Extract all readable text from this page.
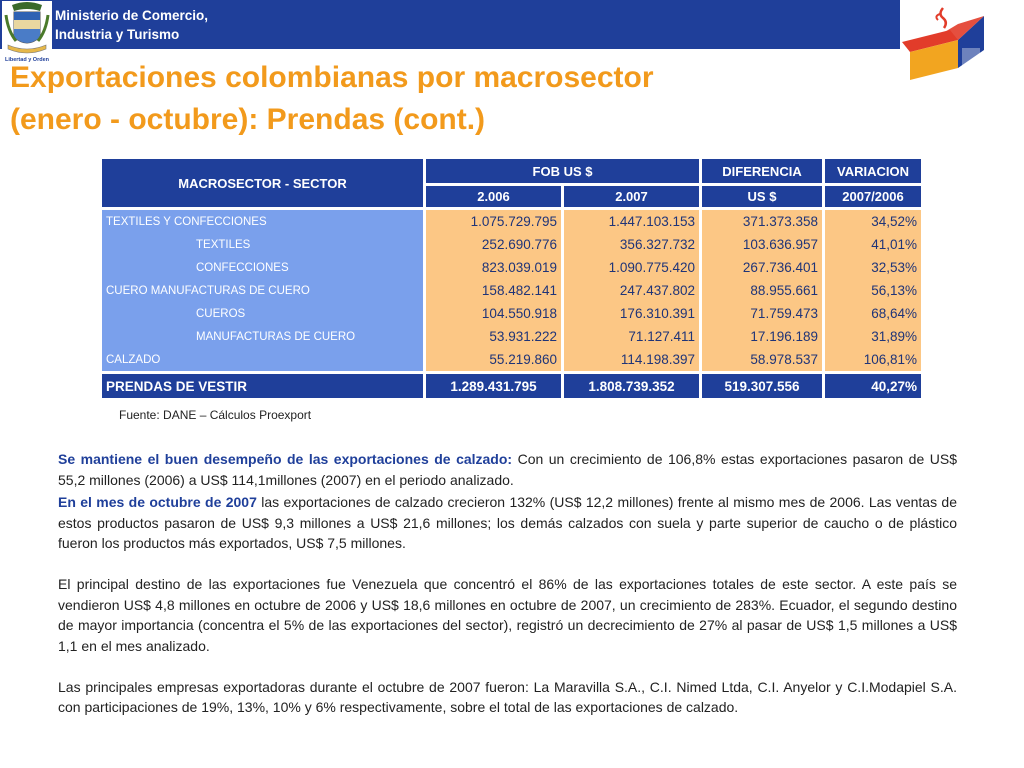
Libertad y Orden
Ministerio de Comercio,
Industria y Turismo
Exportaciones colombianas por macrosector
(enero - octubre): Prendas (cont.)
MACROSECTOR - SECTOR	FOB US $		DIFERENCIA	VARIACION
	2.006	2.007	US $	2007/2006
TEXTILES Y CONFECCIONES	1.075.729.795	1.447.103.153	371.373.358	34,52%
TEXTILES	252.690.776	356.327.732	103.636.957	41,01%
CONFECCIONES	823.039.019	1.090.775.420	267.736.401	32,53%
CUERO MANUFACTURAS DE CUERO	158.482.141	247.437.802	88.955.661	56,13%
CUEROS	104.550.918	176.310.391	71.759.473	68,64%
MANUFACTURAS DE CUERO	53.931.222	71.127.411	17.196.189	31,89%
CALZADO	55.219.860	114.198.397	58.978.537	106,81%
PRENDAS DE VESTIR	1.289.431.795	1.808.739.352	519.307.556	40,27%

Fuente: DANE – Cálculos Proexport

Se mantiene el buen desempeño de las exportaciones de calzado: Con un crecimiento de 106,8% estas exportaciones pasaron de US$ 55,2 millones (2006) a US$ 114,1millones (2007) en el periodo analizado.

En el mes de octubre de 2007 las exportaciones de calzado crecieron 132% (US$ 12,2 millones) frente al mismo mes de 2006. Las ventas de estos productos pasaron de US$ 9,3 millones a US$ 21,6 millones; los demás calzados con suela y parte superior de caucho o de plástico fueron los productos más exportados, US$ 7,5 millones.

El principal destino de las exportaciones fue Venezuela que concentró el 86% de las exportaciones totales de este sector. A este país se vendieron US$ 4,8 millones en octubre de 2006 y US$ 18,6 millones en octubre de 2007, un crecimiento de 283%. Ecuador, el segundo destino de mayor importancia (concentra el 5% de las exportaciones del sector), registró un decrecimiento de 27% al pasar de US$ 1,5 millones a US$ 1,1 en el mes analizado.

Las principales empresas exportadoras durante el octubre de 2007 fueron: La Maravilla S.A., C.I. Nimed Ltda, C.I. Anyelor y C.I.Modapiel S.A. con participaciones de 19%, 13%, 10% y 6% respectivamente, sobre el total de las exportaciones de calzado.
